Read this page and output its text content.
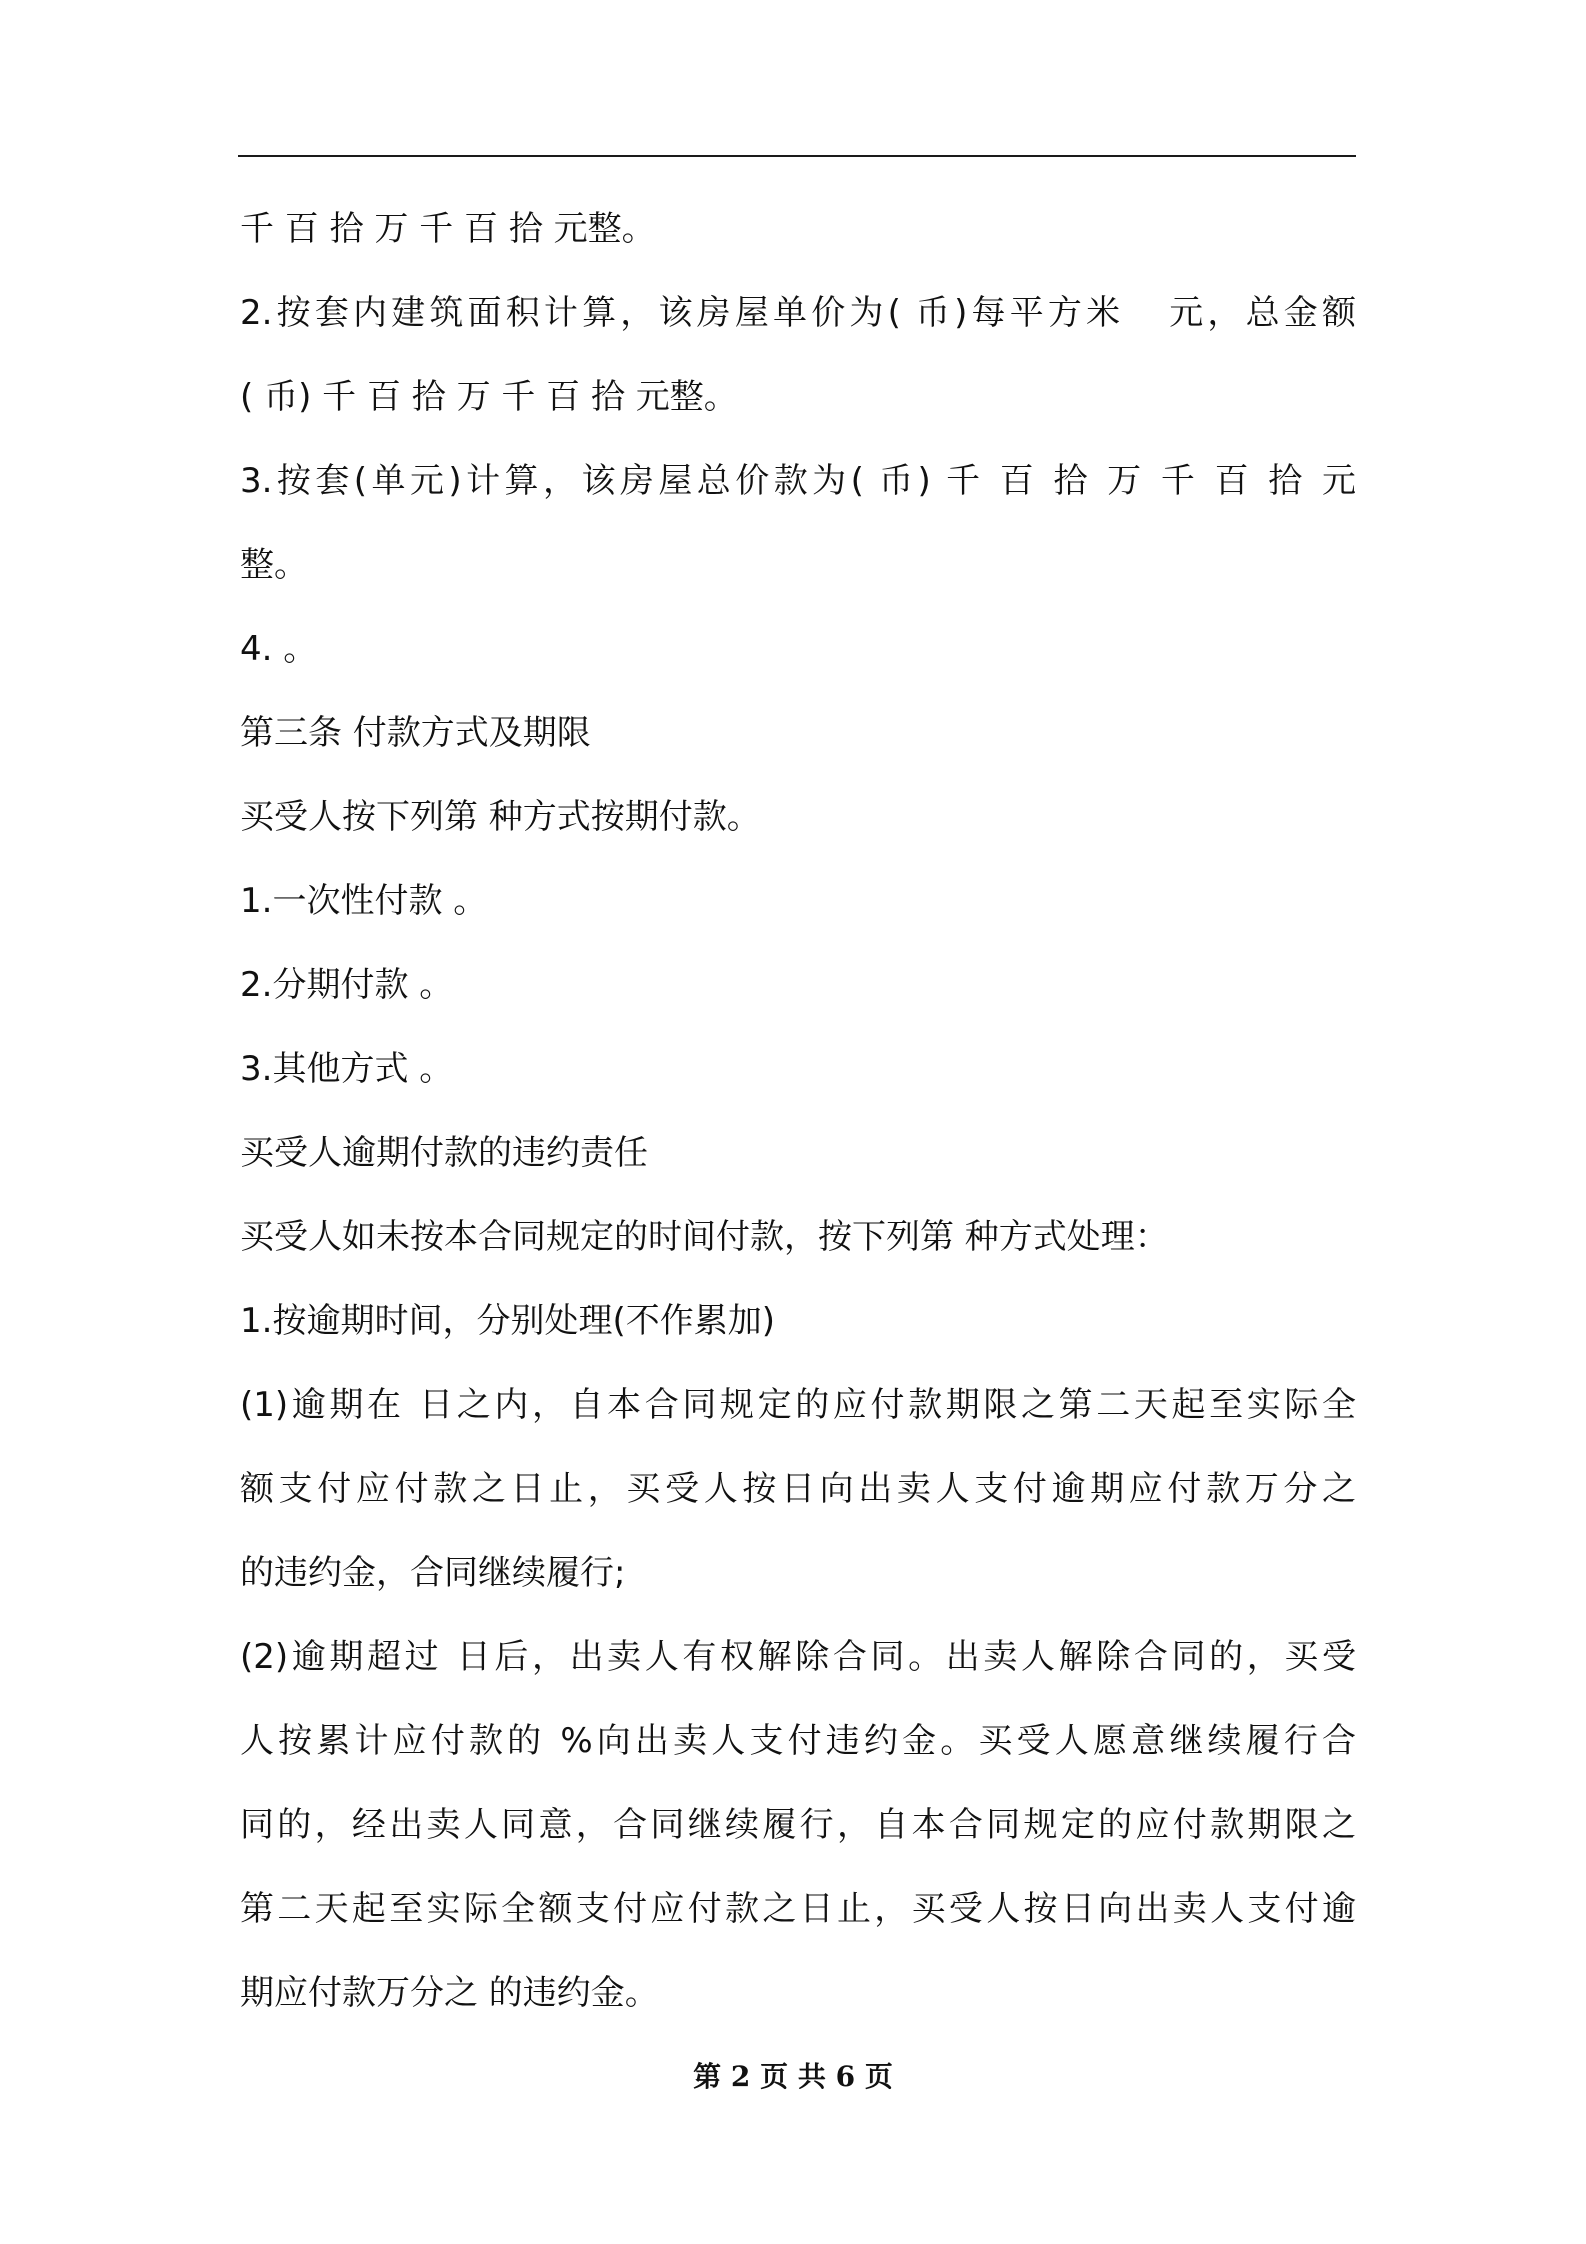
千 百 拾 万 千 百 拾 元整。
2.按套内建筑面积计算，该房屋单价为( 币)每平方米   元，总金额
( 币) 千 百 拾 万 千 百 拾 元整。
3.按套(单元)计算，该房屋总价款为( 币) 千 百 拾 万 千 百 拾 元
整。
4. 。
第三条 付款方式及期限
买受人按下列第 种方式按期付款。
1.一次性付款 。
2.分期付款 。
3.其他方式 。
买受人逾期付款的违约责任
买受人如未按本合同规定的时间付款，按下列第 种方式处理：
1.按逾期时间，分别处理(不作累加)
(1)逾期在 日之内，自本合同规定的应付款期限之第二天起至实际全
额支付应付款之日止，买受人按日向出卖人支付逾期应付款万分之
的违约金，合同继续履行;
(2)逾期超过 日后，出卖人有权解除合同。出卖人解除合同的，买受
人按累计应付款的 %向出卖人支付违约金。买受人愿意继续履行合
同的，经出卖人同意，合同继续履行，自本合同规定的应付款期限之
第二天起至实际全额支付应付款之日止，买受人按日向出卖人支付逾
期应付款万分之 的违约金。
第 2 页 共 6 页
